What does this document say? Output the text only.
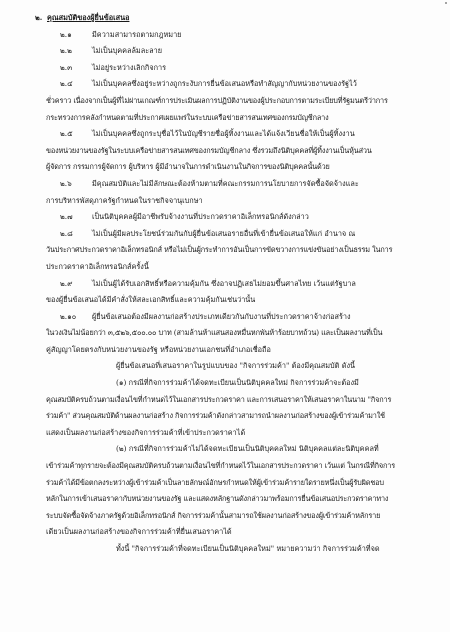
๒. คุณสมบัติของผู้ยื่นข้อเสนอ
๒.๑	มีความสามารถตามกฎหมาย
๒.๒	ไม่เป็นบุคคลล้มละลาย
๒.๓	ไม่อยู่ระหว่างเลิกกิจการ
๒.๔	ไม่เป็นบุคคลซึ่งอยู่ระหว่างถูกระงับการยื่นข้อเสนอหรือทำสัญญากับหน่วยงานของรัฐไว้
ชั่วคราว เนื่องจากเป็นผู้ที่ไม่ผ่านเกณฑ์การประเมินผลการปฏิบัติงานของผู้ประกอบการตามระเบียบที่รัฐมนตรีว่าการ
กระทรวงการคลังกำหนดตามที่ประกาศเผยแพร่ในระบบเครือข่ายสารสนเทศของกรมบัญชีกลาง
๒.๕	ไม่เป็นบุคคลซึ่งถูกระบุชื่อไว้ในบัญชีรายชื่อผู้ทิ้งงานและได้แจ้งเวียนชื่อให้เป็นผู้ทิ้งงาน
ของหน่วยงานของรัฐในระบบเครือข่ายสารสนเทศของกรมบัญชีกลาง ซึ่งรวมถึงนิติบุคคลที่ผู้ทิ้งงานเป็นหุ้นส่วน
ผู้จัดการ กรรมการผู้จัดการ ผู้บริหาร ผู้มีอำนาจในการดำเนินงานในกิจการของนิติบุคคลนั้นด้วย
๒.๖	มีคุณสมบัติและไม่มีลักษณะต้องห้ามตามที่คณะกรรมการนโยบายการจัดซื้อจัดจ้างและ
การบริหารพัสดุภาครัฐกำหนดในราชกิจจานุเบกษา
๒.๗	เป็นนิติบุคคลผู้มีอาชีพรับจ้างงานที่ประกวดราคาอิเล็กทรอนิกส์ดังกล่าว
๒.๘	ไม่เป็นผู้มีผลประโยชน์ร่วมกันกับผู้ยื่นข้อเสนอรายอื่นที่เข้ายื่นข้อเสนอให้แก่ อำนาจ ณ
วันประกาศประกวดราคาอิเล็กทรอนิกส์ หรือไม่เป็นผู้กระทำการอันเป็นการขัดขวางการแข่งขันอย่างเป็นธรรม ในการ
ประกวดราคาอิเล็กทรอนิกส์ครั้งนี้
๒.๙	ไม่เป็นผู้ได้รับเอกสิทธิ์หรือความคุ้มกัน ซึ่งอาจปฏิเสธไม่ยอมขึ้นศาลไทย เว้นแต่รัฐบาล
ของผู้ยื่นข้อเสนอได้มีคำสั่งให้สละเอกสิทธิ์และความคุ้มกันเช่นว่านั้น
๒.๑๐ ผู้ยื่นข้อเสนอต้องมีผลงานก่อสร้างประเภทเดียวกันกับงานที่ประกวดราคาจ้างก่อสร้าง
ในวงเงินไม่น้อยกว่า ๓,๕๒๖,๕๐๐.๐๐ บาท (สามล้านห้าแสนสองหมื่นหกพันห้าร้อยบาทถ้วน) และเป็นผลงานที่เป็น
คู่สัญญาโดยตรงกับหน่วยงานของรัฐ หรือหน่วยงานเอกชนที่อำเภอเชื่อถือ
ผู้ยื่นข้อเสนอที่เสนอราคาในรูปแบบของ "กิจการร่วมค้า" ต้องมีคุณสมบัติ ดังนี้
(๑) กรณีที่กิจการร่วมค้าได้จดทะเบียนเป็นนิติบุคคลใหม่ กิจการร่วมค้าจะต้องมี
คุณสมบัติครบถ้วนตามเงื่อนไขที่กำหนดไว้ในเอกสารประกวดราคา และการเสนอราคาให้เสนอราคาในนาม "กิจการ
ร่วมค้า" ส่วนคุณสมบัติด้านผลงานก่อสร้าง กิจการร่วมค้าดังกล่าวสามารถนำผลงานก่อสร้างของผู้เข้าร่วมค้ามาใช้
แสดงเป็นผลงานก่อสร้างของกิจการร่วมค้าที่เข้าประกวดราคาได้
(๒) กรณีที่กิจการร่วมค้าไม่ได้จดทะเบียนเป็นนิติบุคคลใหม่ นิติบุคคลแต่ละนิติบุคคลที่
เข้าร่วมค้าทุกรายจะต้องมีคุณสมบัติครบถ้วนตามเงื่อนไขที่กำหนดไว้ในเอกสารประกวดราคา เว้นแต่ ในกรณีที่กิจการ
ร่วมค้าได้มีข้อตกลงระหว่างผู้เข้าร่วมค้าเป็นลายลักษณ์อักษรกำหนดให้ผู้เข้าร่วมค้ารายใดรายหนึ่งเป็นผู้รับผิดชอบ
หลักในการเข้าเสนอราคากับหน่วยงานของรัฐ และแสดงหลักฐานดังกล่าวมาพร้อมการยื่นข้อเสนอประกวดราคาทาง
ระบบจัดซื้อจัดจ้างภาครัฐด้วยอิเล็กทรอนิกส์ กิจการร่วมค้านั้นสามารถใช้ผลงานก่อสร้างของผู้เข้าร่วมค้าหลักราย
เดียวเป็นผลงานก่อสร้างของกิจการร่วมค้าที่ยื่นเสนอราคาได้
ทั้งนี้ "กิจการร่วมค้าที่จดทะเบียนเป็นนิติบุคคลใหม่" หมายความว่า กิจการร่วมค้าที่จด
